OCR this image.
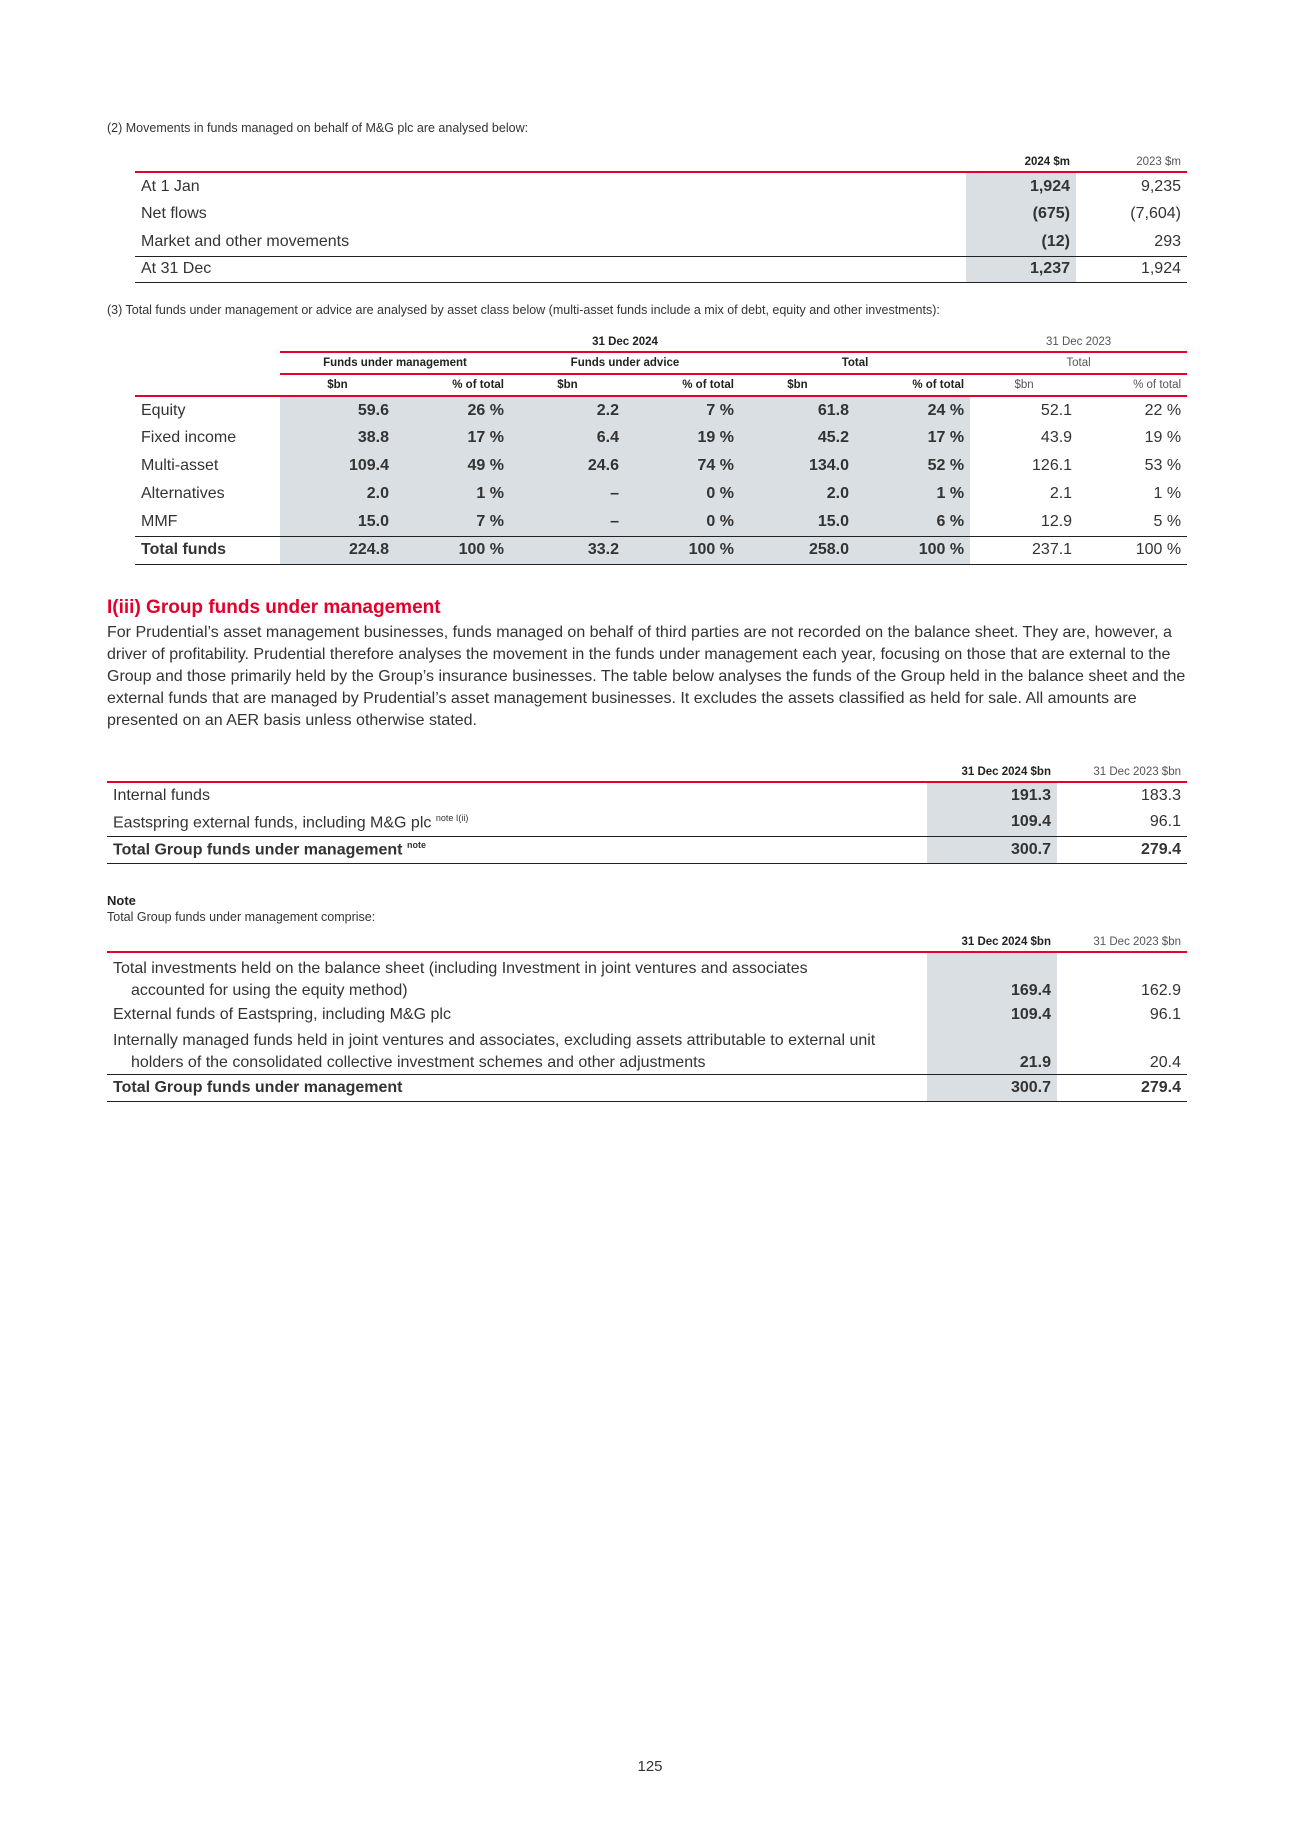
(2) Movements in funds managed on behalf of M&G plc are analysed below:
	2024 $m	2023 $m
At 1 Jan	1,924	9,235
Net flows	(675)	(7,604)
Market and other movements	(12)	293
At 31 Dec	1,237	1,924
(3) Total funds under management or advice are analysed by asset class below (multi-asset funds include a mix of debt, equity and other investments):
	31 Dec 2024						31 Dec 2023	
	Funds under management		Funds under advice		Total		Total	
	$bn	% of total	$bn	% of total	$bn	% of total	$bn	% of total
Equity	59.6	26 %	2.2	7 %	61.8	24 %	52.1	22 %
Fixed income	38.8	17 %	6.4	19 %	45.2	17 %	43.9	19 %
Multi-asset	109.4	49 %	24.6	74 %	134.0	52 %	126.1	53 %
Alternatives	2.0	1 %	–	0 %	2.0	1 %	2.1	1 %
MMF	15.0	7 %	–	0 %	15.0	6 %	12.9	5 %
Total funds	224.8	100 %	33.2	100 %	258.0	100 %	237.1	100 %
I(iii) Group funds under management
For Prudential’s asset management businesses, funds managed on behalf of third parties are not recorded on the balance sheet. They are, however, a driver of profitability. Prudential therefore analyses the movement in the funds under management each year, focusing on those that are external to the Group and those primarily held by the Group’s insurance businesses. The table below analyses the funds of the Group held in the balance sheet and the external funds that are managed by Prudential’s asset management businesses. It excludes the assets classified as held for sale. All amounts are presented on an AER basis unless otherwise stated.
	31 Dec 2024 $bn	31 Dec 2023 $bn
Internal funds	191.3	183.3
Eastspring external funds, including M&G plc $^{note I(ii)}$	109.4	96.1
Total Group funds under management $^{note}$	300.7	279.4
Note
Total Group funds under management comprise:
	31 Dec 2024 $bn	31 Dec 2023 $bn

Total investments held on the balance sheet (including Investment in joint ventures and associates
accounted for using the equity method)	169.4	162.9
External funds of Eastspring, including M&G plc	109.4	96.1

Internally managed funds held in joint ventures and associates, excluding assets attributable to external unit
holders of the consolidated collective investment schemes and other adjustments	21.9	20.4
Total Group funds under management	300.7	279.4
125
